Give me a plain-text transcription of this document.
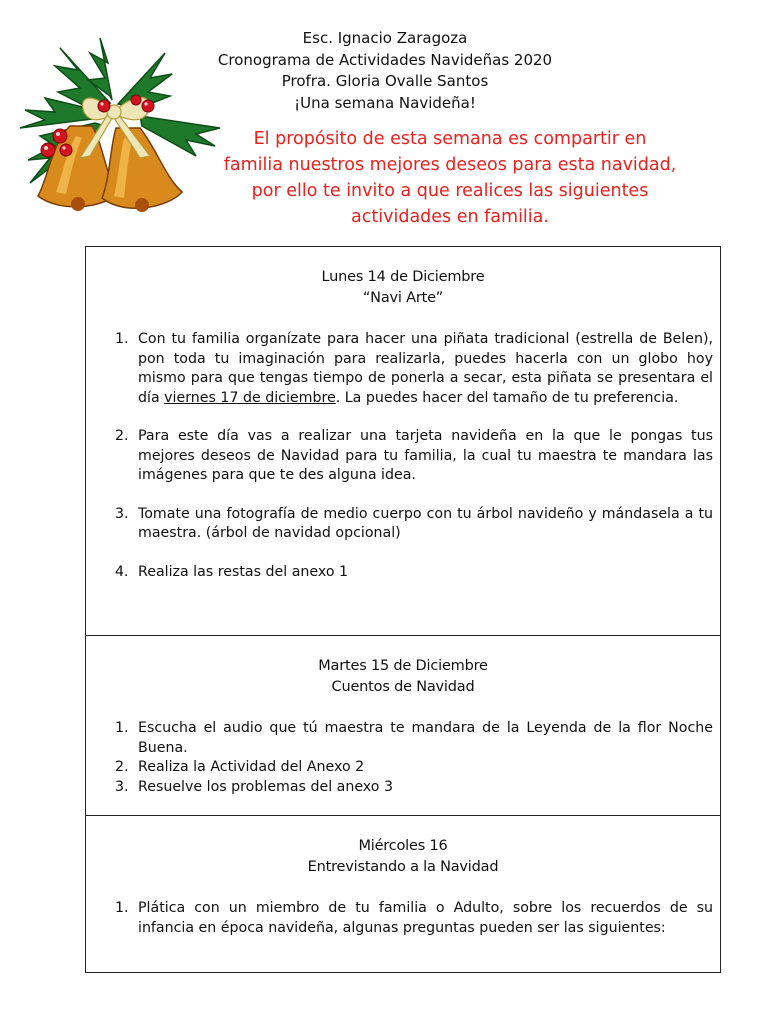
Esc. Ignacio Zaragoza
Cronograma de Actividades Navideñas 2020
Profra. Gloria Ovalle Santos
¡Una semana Navideña!
El propósito de esta semana es compartir en
familia nuestros mejores deseos para esta navidad,
por ello te invito a que realices las siguientes
actividades en familia.
Lunes 14 de Diciembre
“Navi Arte”
1. Con tu familia organízate para hacer una piñata tradicional (estrella de Belen), pon toda tu imaginación para realizarla, puedes hacerla con un globo hoy mismo para que tengas tiempo de ponerla a secar, esta piñata se presentara el día viernes 17 de diciembre. La puedes hacer del tamaño de tu preferencia.
2. Para este día vas a realizar una tarjeta navideña en la que le pongas tus mejores deseos de Navidad para tu familia, la cual tu maestra te mandara las imágenes para que te des alguna idea.
3. Tomate una fotografía de medio cuerpo con tu árbol navideño y mándasela a tu maestra. (árbol de navidad opcional)
4. Realiza las restas del anexo 1
Martes 15 de Diciembre
Cuentos de Navidad
1. Escucha el audio que tú maestra te mandara de la Leyenda de la flor Noche Buena.
2. Realiza la Actividad del Anexo 2
3. Resuelve los problemas del anexo 3
Miércoles 16
Entrevistando a la Navidad
1. Plática con un miembro de tu familia o Adulto, sobre los recuerdos de su infancia en época navideña, algunas preguntas pueden ser las siguientes:
